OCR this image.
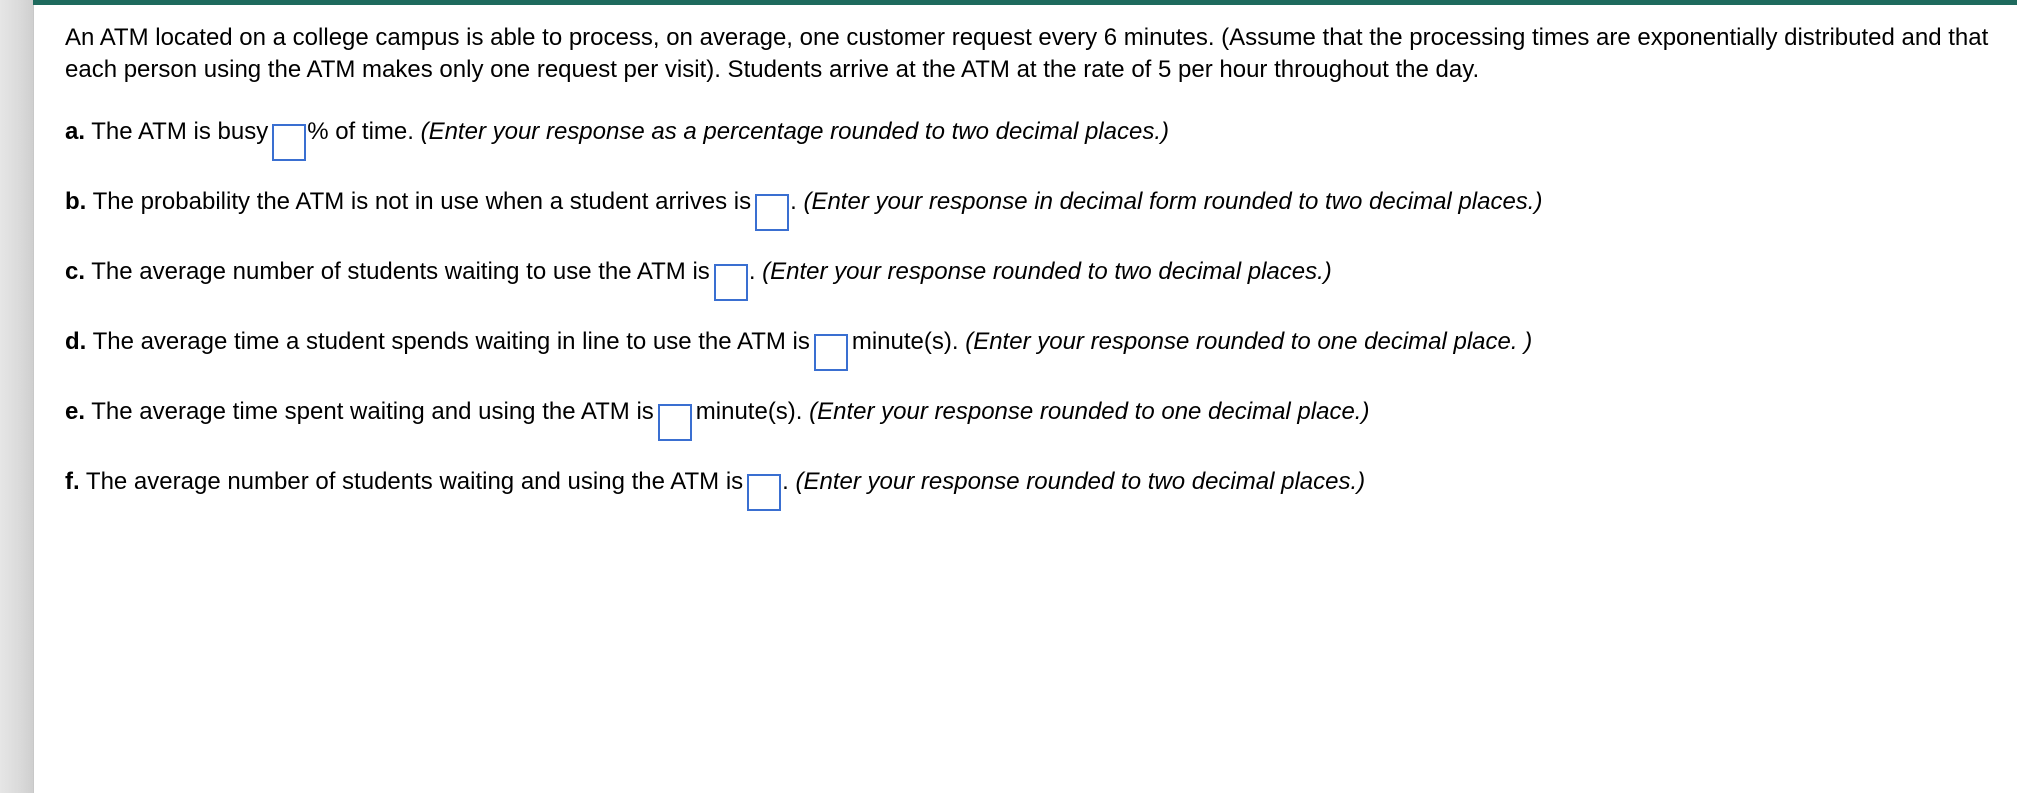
An ATM located on a college campus is able to process, on average, one customer request every 6 minutes. (Assume that the processing times are exponentially distributed and that each person using the ATM makes only one request per visit). Students arrive at the ATM at the rate of 5 per hour throughout the day.

a. The ATM is busy % of time. (Enter your response as a percentage rounded to two decimal places.)

b. The probability the ATM is not in use when a student arrives is . (Enter your response in decimal form rounded to two decimal places.)

c. The average number of students waiting to use the ATM is . (Enter your response rounded to two decimal places.)

d. The average time a student spends waiting in line to use the ATM is minute(s). (Enter your response rounded to one decimal place. )

e. The average time spent waiting and using the ATM is minute(s). (Enter your response rounded to one decimal place.)

f. The average number of students waiting and using the ATM is . (Enter your response rounded to two decimal places.)
